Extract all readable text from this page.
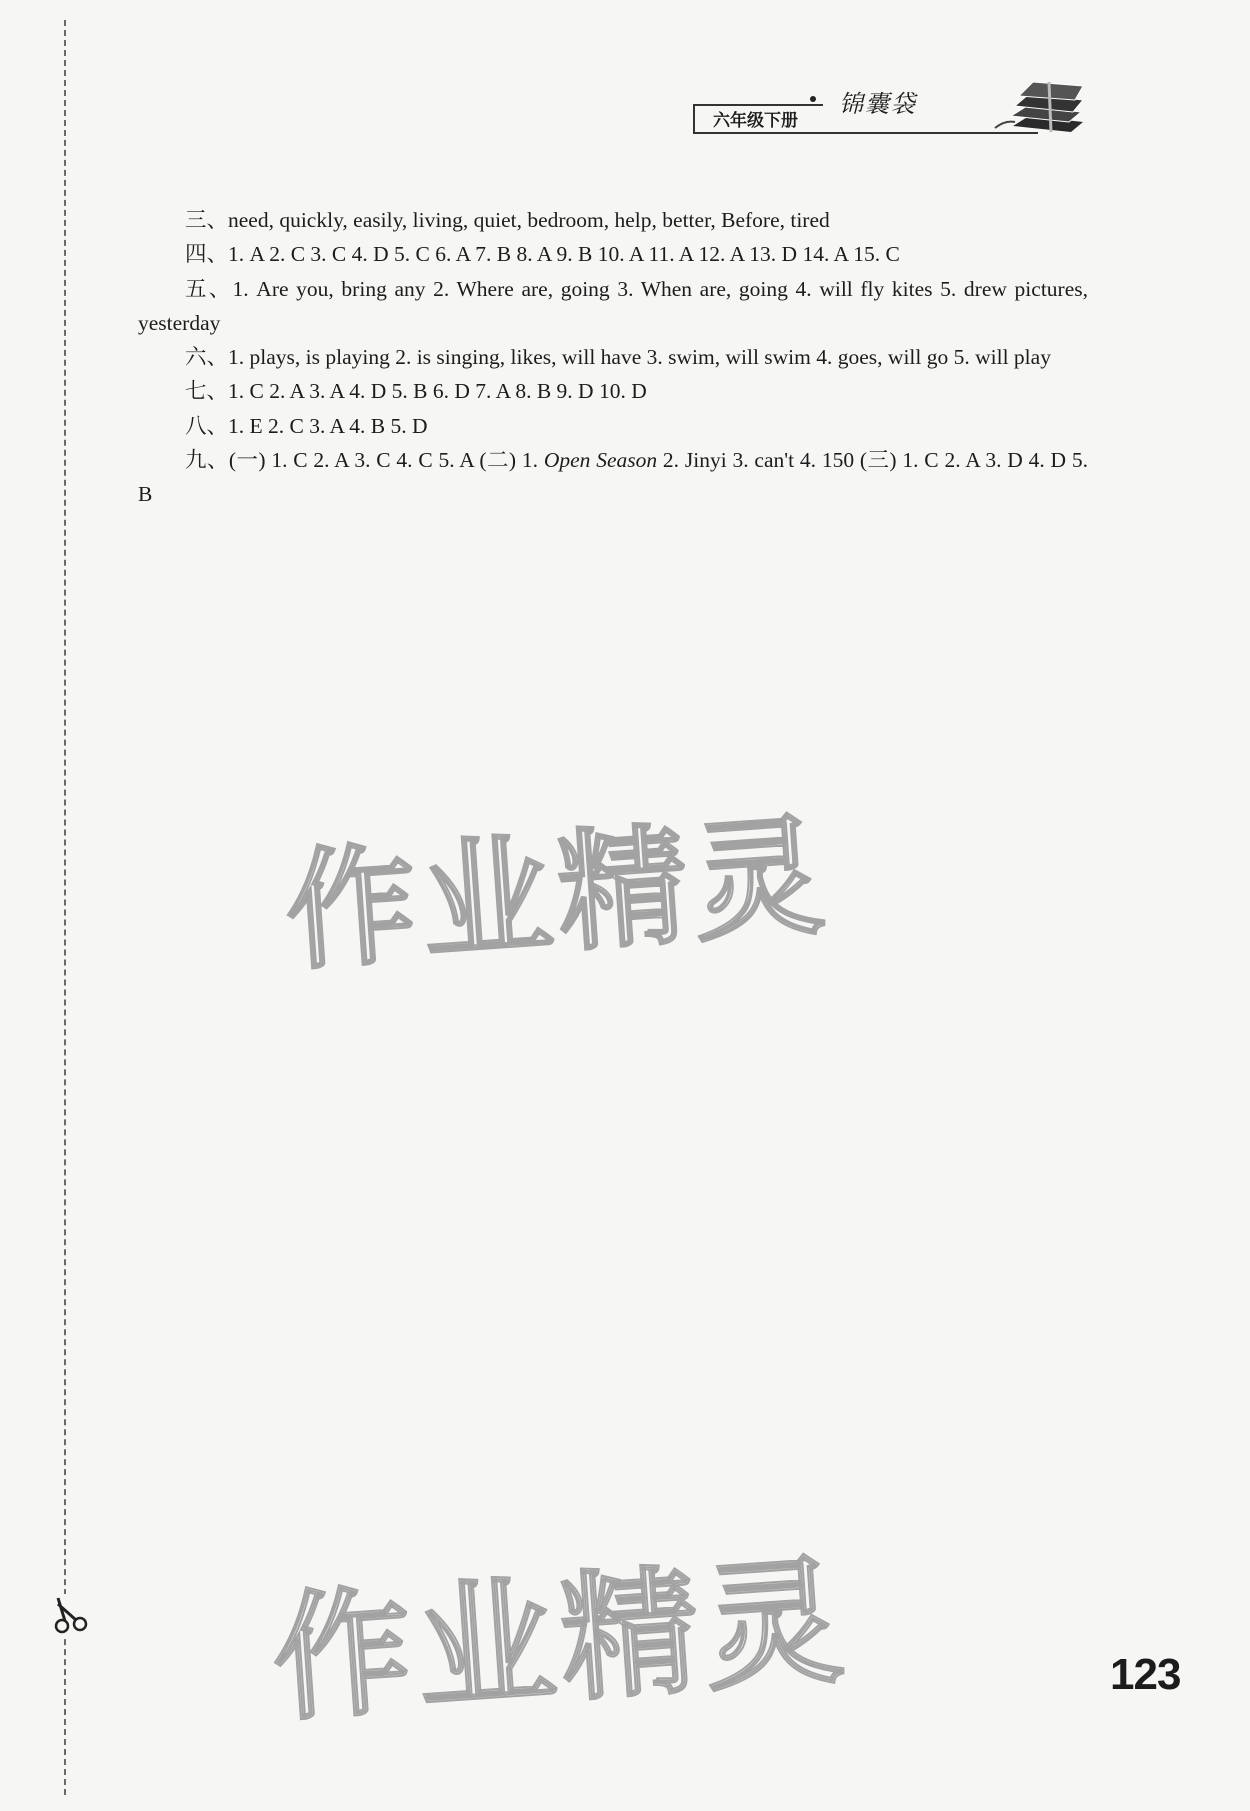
六年级下册
锦囊袋

三、need, quickly, easily, living, quiet, bedroom, help, better, Before, tired

四、1. A 2. C 3. C 4. D 5. C 6. A 7. B 8. A 9. B 10. A 11. A 12. A 13. D 14. A 15. C

五、1. Are you, bring any 2. Where are, going 3. When are, going 4. will fly kites 5. drew pictures, yesterday

六、1. plays, is playing 2. is singing, likes, will have 3. swim, will swim 4. goes, will go 5. will play

七、1. C 2. A 3. A 4. D 5. B 6. D 7. A 8. B 9. D 10. D

八、1. E 2. C 3. A 4. B 5. D

九、(一) 1. C 2. A 3. C 4. C 5. A (二) 1. Open Season 2. Jinyi 3. can't 4. 150 (三) 1. C 2. A 3. D 4. D 5. B

作业精灵
作业精灵	123
